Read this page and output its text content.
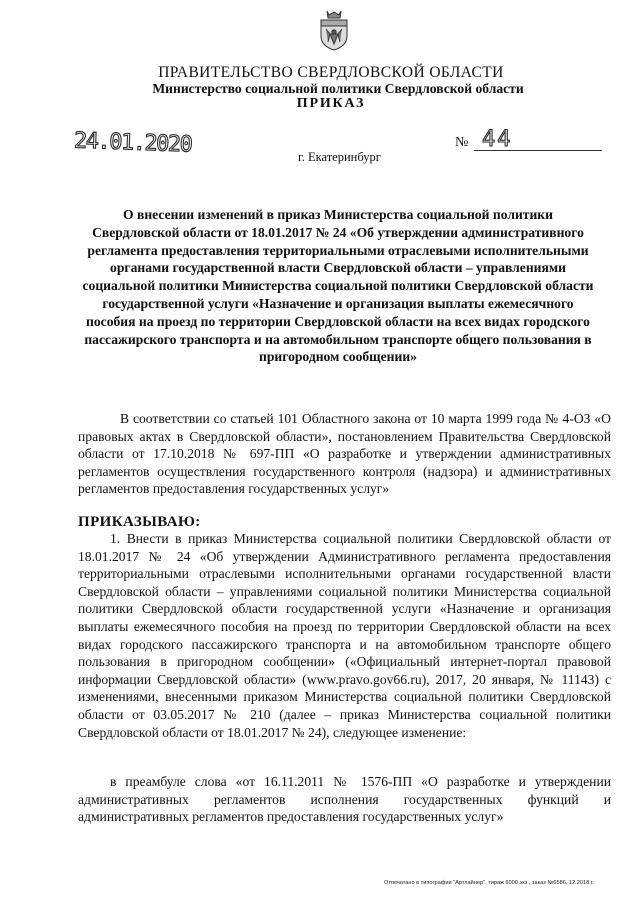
ПРАВИТЕЛЬСТВО СВЕРДЛОВСКОЙ ОБЛАСТИ
Министерство социальной политики Свердловской области
ПРИКАЗ
24.01.2020	№ 44
г. Екатеринбург
О внесении изменений в приказ Министерства социальной политики Свердловской области от 18.01.2017 № 24 «Об утверждении административного регламента предоставления территориальными отраслевыми исполнительными органами государственной власти Свердловской области – управлениями социальной политики Министерства социальной политики Свердловской области государственной услуги «Назначение и организация выплаты ежемесячного пособия на проезд по территории Свердловской области на всех видах городского пассажирского транспорта и на автомобильном транспорте общего пользования в пригородном сообщении»

В соответствии со статьей 101 Областного закона от 10 марта 1999 года № 4-ОЗ «О правовых актах в Свердловской области», постановлением Правительства Свердловской области от 17.10.2018 № 697-ПП «О разработке и утверждении административных регламентов осуществления государственного контроля (надзора) и административных регламентов предоставления государственных услуг»

ПРИКАЗЫВАЮ:

1. Внести в приказ Министерства социальной политики Свердловской области от 18.01.2017 № 24 «Об утверждении Административного регламента предоставления территориальными отраслевыми исполнительными органами государственной власти Свердловской области – управлениями социальной политики Министерства социальной политики Свердловской области государственной услуги «Назначение и организация выплаты ежемесячного пособия на проезд по территории Свердловской области на всех видах городского пассажирского транспорта и на автомобильном транспорте общего пользования в пригородном сообщении» («Официальный интернет-портал правовой информации Свердловской области» (www.pravo.gov66.ru), 2017, 20 января, № 11143) с изменениями, внесенными приказом Министерства социальной политики Свердловской области от 03.05.2017 № 210 (далее – приказ Министерства социальной политики Свердловской области от 18.01.2017 № 24), следующее изменение:

в преамбуле слова «от 16.11.2011 № 1576-ПП «О разработке и утверждении административных регламентов исполнения государственных функций и административных регламентов предоставления государственных услуг»

Отпечатано в типографии "Артлайнер", тираж 6000 экз., заказ №6586. 12.2018 г.
